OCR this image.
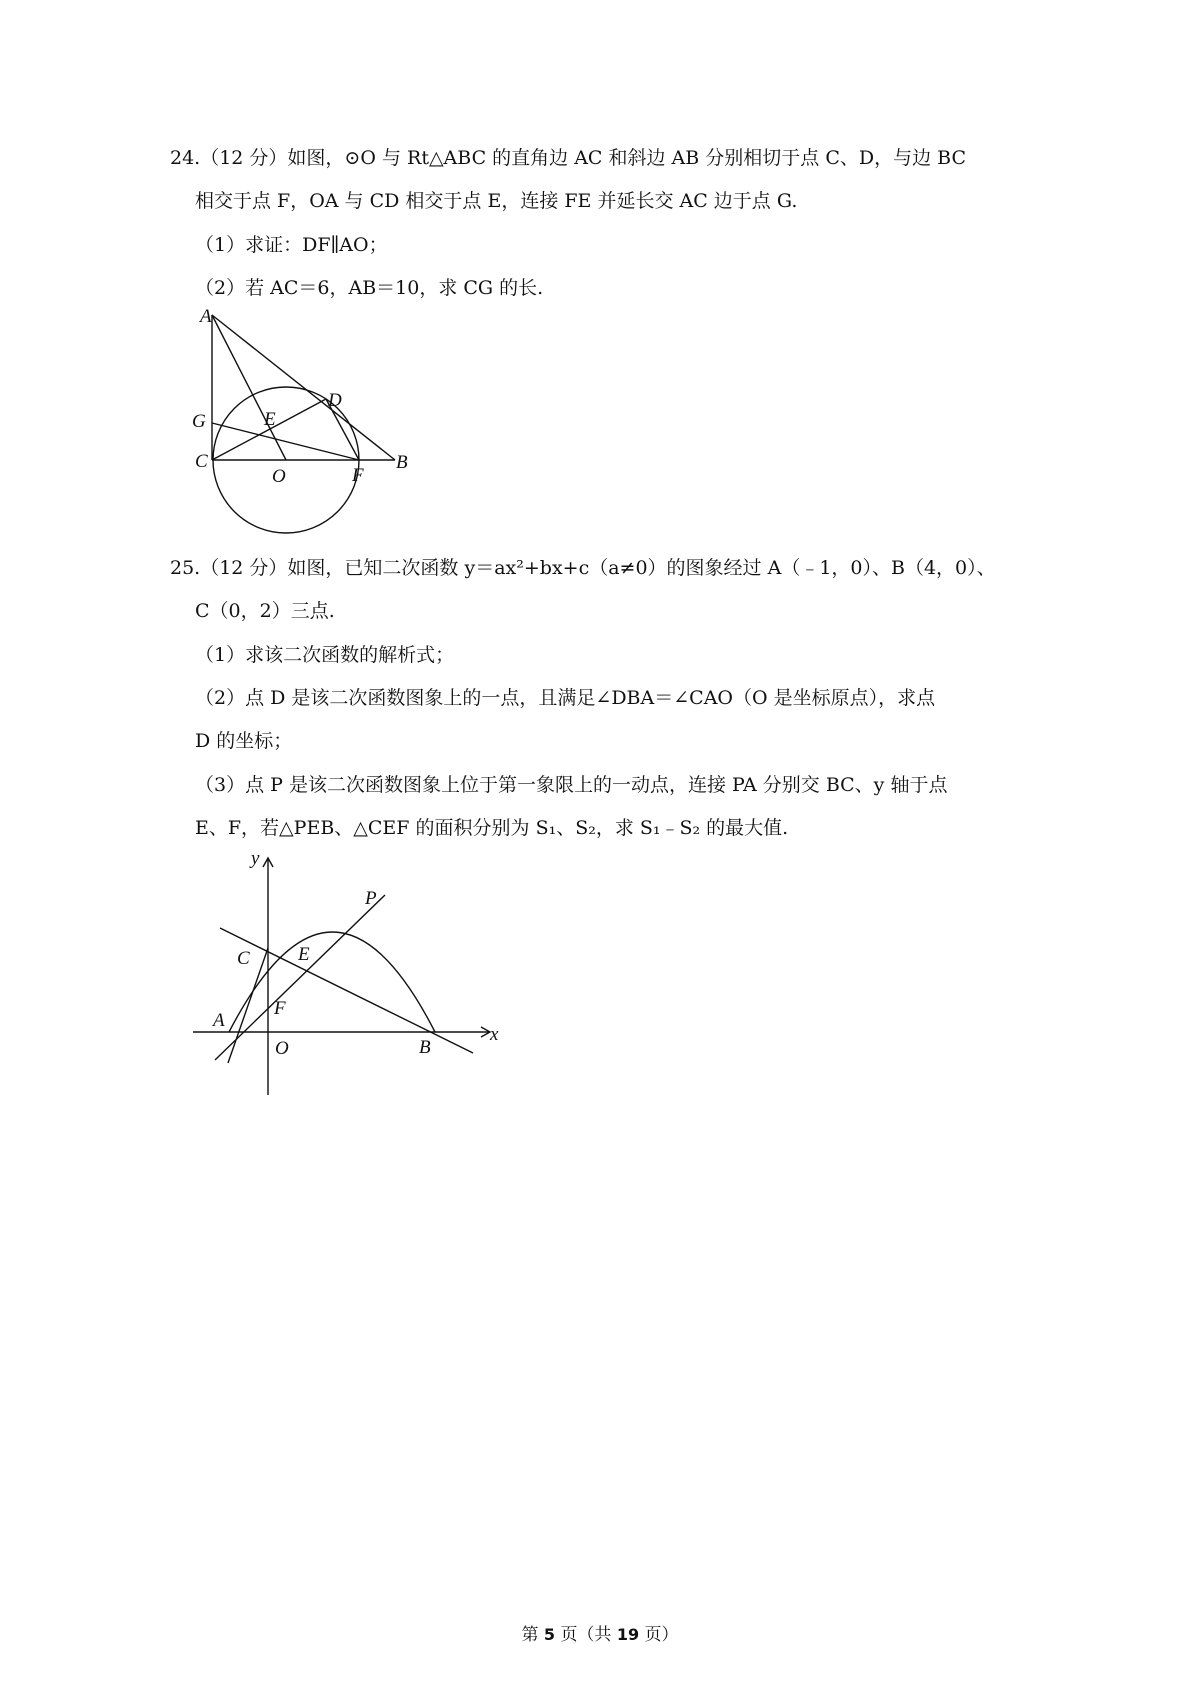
24.（12 分）如图，⊙O 与 Rt△ABC 的直角边 AC 和斜边 AB 分别相切于点 C、D，与边 BC
相交于点 F，OA 与 CD 相交于点 E，连接 FE 并延长交 AC 边于点 G.
（1）求证：DF∥AO；
（2）若 AC＝6，AB＝10，求 CG 的长.
A
D
G	E
C
O	F
B
25.（12 分）如图，已知二次函数 y＝ax²+bx+c（a≠0）的图象经过 A（﹣1，0）、B（4，0）、
C（0，2）三点.
（1）求该二次函数的解析式；
（2）点 D 是该二次函数图象上的一点，且满足∠DBA＝∠CAO（O 是坐标原点），求点
D 的坐标；
（3）点 P 是该二次函数图象上位于第一象限上的一动点，连接 PA 分别交 BC、y 轴于点
E、F，若△PEB、△CEF 的面积分别为 S₁、S₂，求 S₁﹣S₂ 的最大值.
y
x
P
C	E
F
A
O	B
第 5 页（共 19 页）
